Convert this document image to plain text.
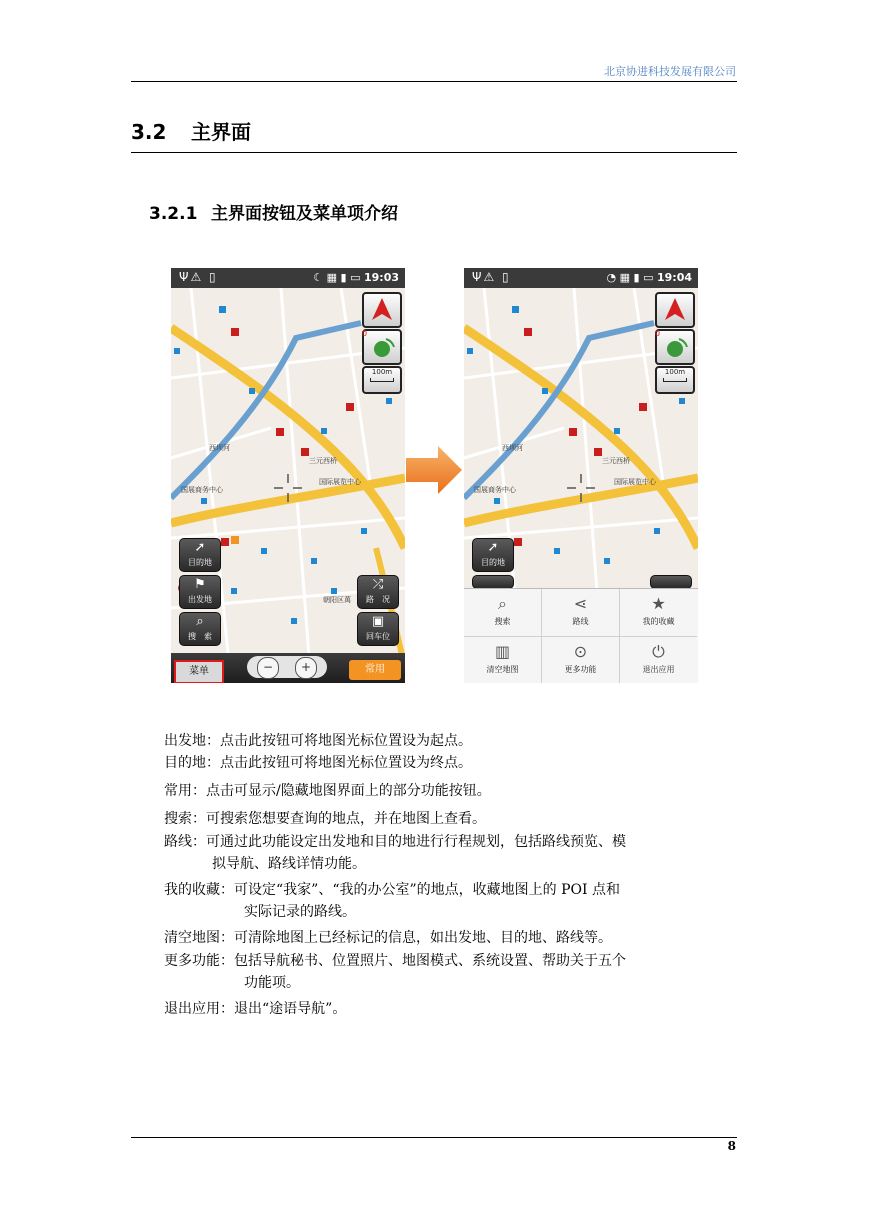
北京协进科技发展有限公司
3.2 主界面
3.2.1 主界面按钮及菜单项介绍
Ψ⚠ ▯	☾ ▦ ▮ ▭ 19:03
0
100m
西坝河
三元西桥
国展商务中心
国际展览中心
朝阳区萬
➚
目的地
⚑
出发地
⌕
搜　索
⤮
路　况
▣
回车位
菜单	−	+	常用
Ψ⚠ ▯	◔ ▦ ▮ ▭ 19:04
0
100m
西坝河
三元西桥
国展商务中心
国际展览中心
➚
目的地
⌕
搜索
⋖
路线
★
我的收藏
▥
清空地图
⊙
更多功能
⏻
退出应用
出发地：点击此按钮可将地图光标位置设为起点。
目的地：点击此按钮可将地图光标位置设为终点。
常用：点击可显示/隐藏地图界面上的部分功能按钮。
搜索：可搜索您想要查询的地点，并在地图上查看。
路线：可通过此功能设定出发地和目的地进行行程规划，包括路线预览、模
拟导航、路线详情功能。
我的收藏：可设定“我家”、“我的办公室”的地点，收藏地图上的 POI 点和
实际记录的路线。
清空地图：可清除地图上已经标记的信息，如出发地、目的地、路线等。
更多功能：包括导航秘书、位置照片、地图模式、系统设置、帮助关于五个
功能项。
退出应用：退出“途语导航”。
8
